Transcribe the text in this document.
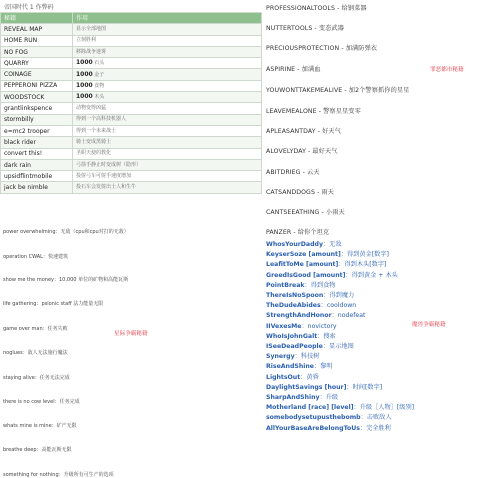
帝国时代 1 作弊码
秘籍	作用
REVEAL MAP	显示全部地图
HOME RUN	立刻胜利
NO FOG	移除战争迷雾
QUARRY	1000 石头
COINAGE	1000 金子
PEPPERONI PIZZA	1000 食物
WOODSTOCK	1000 木头
grantlinkspence	动物变得凶猛
stormbilly	得到一个高科技机器人
e=mc2 trooper	得到一个未来战士
black rider	骑士变成黑骑士
convert this!	圣职天使的教化
dark rain	弓箭手静止时变成树（隐形）
upsidflintmobile	投射弓车可射手速度增加
jack be nimble	投石车会发射出士人和生牛
power overwhelming：无敌（cpu和cpu对打的无敌）
operation CWAL：快速建筑
show me the money：10,000 单位的矿物和高能瓦斯
life gathering：psionic staff 法力能量无限
game over man：任务失败
noglues：敌人无法施行魔法
staying alive：任务无法完成
there is no cow level：任务完成
whats mine is mine：矿产无限
breathe deep：高能瓦斯无限
something for nothing：升级所有可生产的选项
星际争霸秘籍
PROFESSIONALTOOLS - 给钢菜器
NUTTERTOOLS - 变态武器
PRECIOUSPROTECTION - 加满防弹衣
ASPIRINE - 加满血
YOUWONTTAKEMEALIVE - 加2个警察抓你的星星
LEAVEMEALONE - 警察星星变零
APLEASANTDAY - 好天气
ALOVELYDAY - 最好天气
ABITDRIEG - 云天
CATSANDDOGS - 雨天
CANTSEEATHING - 小雨天
PANZER - 给你个坦克
罪恶都市秘籍
WhosYourDaddy：无敌
KeyserSoze [amount]：得到黄金[数字]
LeafitToMe [amount]：得到木头[数字]
GreedIsGood [amount]：得到黄金 + 木头
PointBreak：得到食物
ThereIsNoSpoon：得到魔力
TheDudeAbides：cooldown
StrengthAndHonor：nodefeat
IIVexesMe：novictory
WhoIsJohnGalt：搜索
ISeeDeadPeople：显示地图
Synergy：科技树
RiseAndShine：黎明
LightsOut：黄昏
DaylightSavings [hour]：时间[数字]
SharpAndShiny：升级
Motherland [race] [level]：升级［人物］[级别]
somebodysetupusthebomb：击败敌人
AllYourBaseAreBelongToUs：完全胜利
魔兽争霸秘籍
